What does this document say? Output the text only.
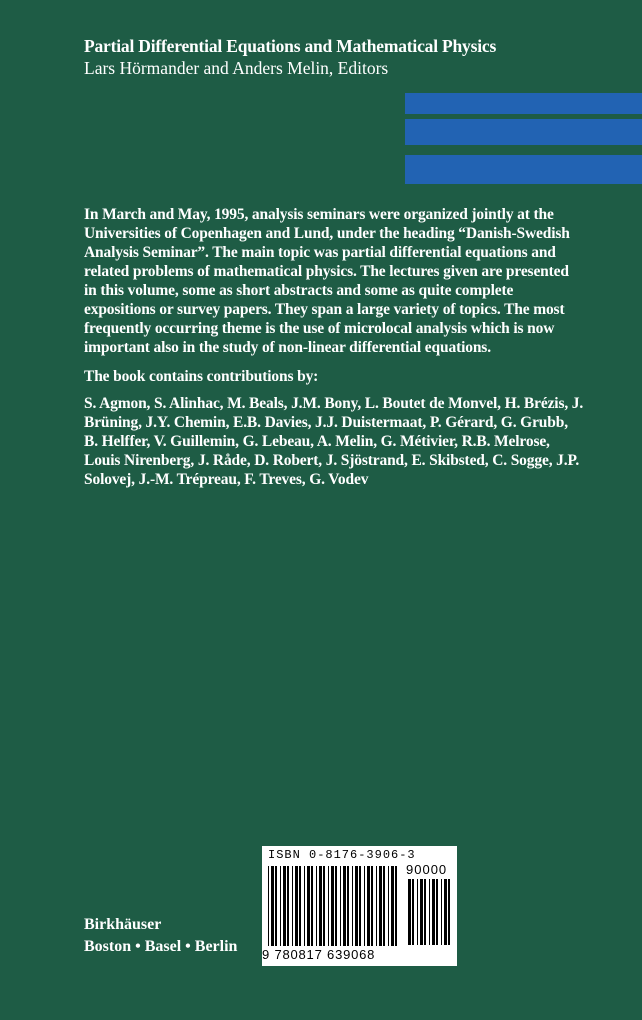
Partial Differential Equations and Mathematical Physics
Lars Hörmander and Anders Melin, Editors

In March and May, 1995, analysis seminars were organized jointly at the Universities of Copenhagen and Lund, under the heading “Danish-Swedish Analysis Seminar”. The main topic was partial differential equations and related problems of mathematical physics. The lectures given are presented in this volume, some as short abstracts and some as quite complete expositions or survey papers. They span a large variety of topics. The most frequently occurring theme is the use of microlocal analysis which is now important also in the study of non-linear differential equations.

The book contains contributions by:

S. Agmon, S. Alinhac, M. Beals, J.M. Bony, L. Boutet de Monvel, H. Brézis, J. Brüning, J.Y. Chemin, E.B. Davies, J.J. Duistermaat, P. Gérard, G. Grubb, B. Helffer, V. Guillemin, G. Lebeau, A. Melin, G. Métivier, R.B. Melrose, Louis Nirenberg, J. Råde, D. Robert, J. Sjöstrand, E. Skibsted, C. Sogge, J.P. Solovej, J.-M. Trépreau, F. Treves, G. Vodev

ISBN 0-8176-3906-3
9 780817 639068
90000
Birkhäuser
Boston • Basel • Berlin
